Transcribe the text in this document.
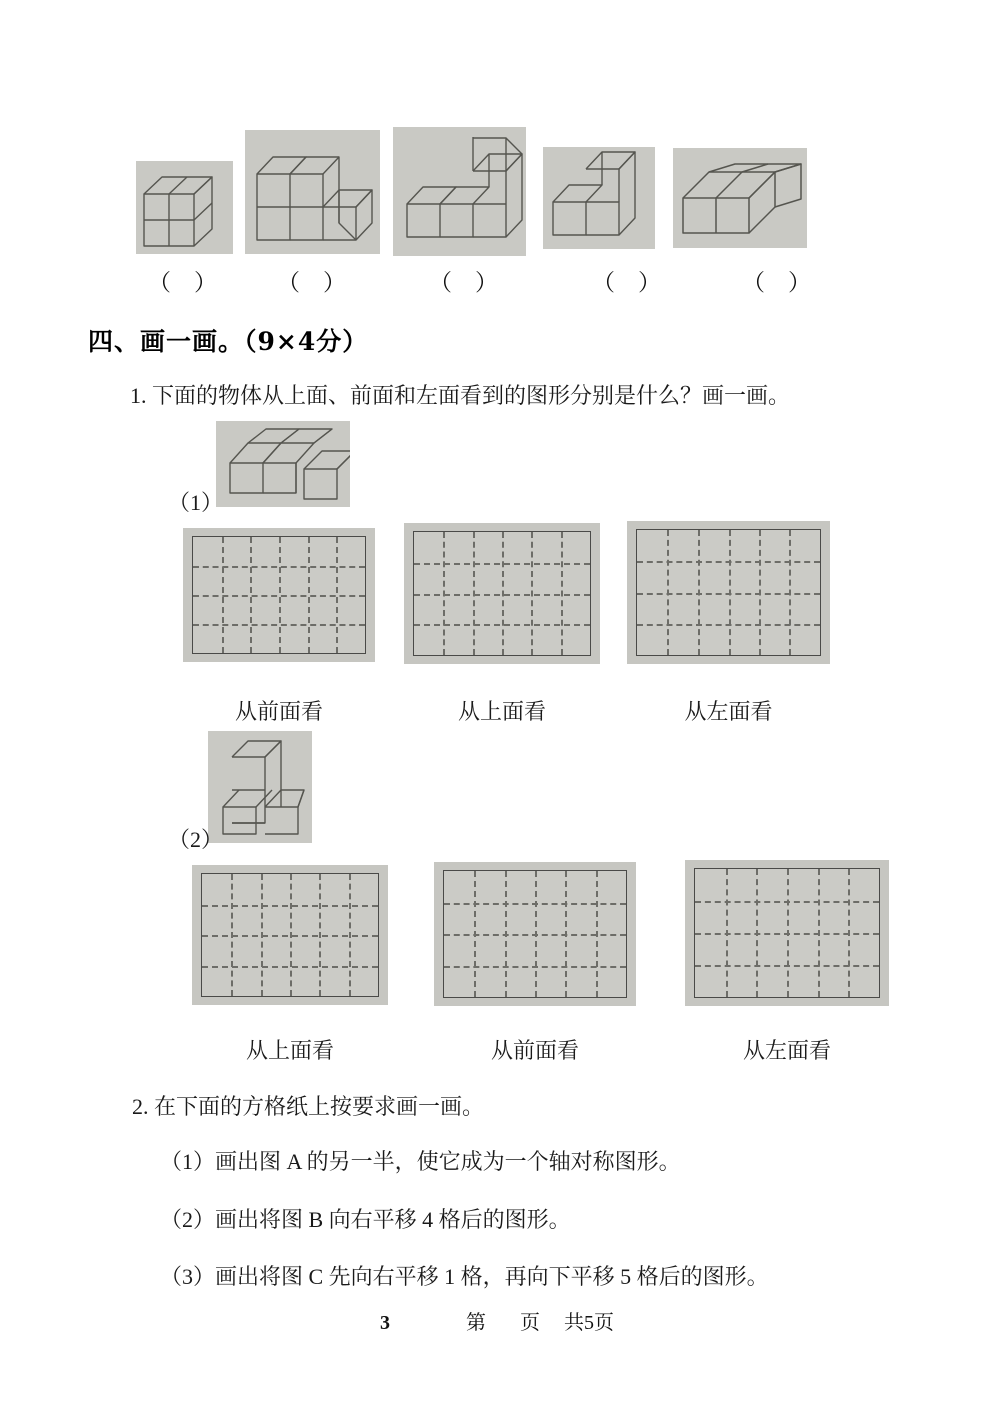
（    ）	（    ）	（    ）	（    ）	（    ）
四、画一画。（9×4分）
1. 下面的物体从上面、前面和左面看到的图形分别是什么？画一画。
（1）
从前面看	从上面看	从左面看
（2）
从上面看	从前面看	从左面看
2. 在下面的方格纸上按要求画一画。
（1）画出图 A 的另一半，使它成为一个轴对称图形。
（2）画出将图 B 向右平移 4 格后的图形。
（3）画出将图 C 先向右平移 1 格，再向下平移 5 格后的图形。
3	第 页 共5页
